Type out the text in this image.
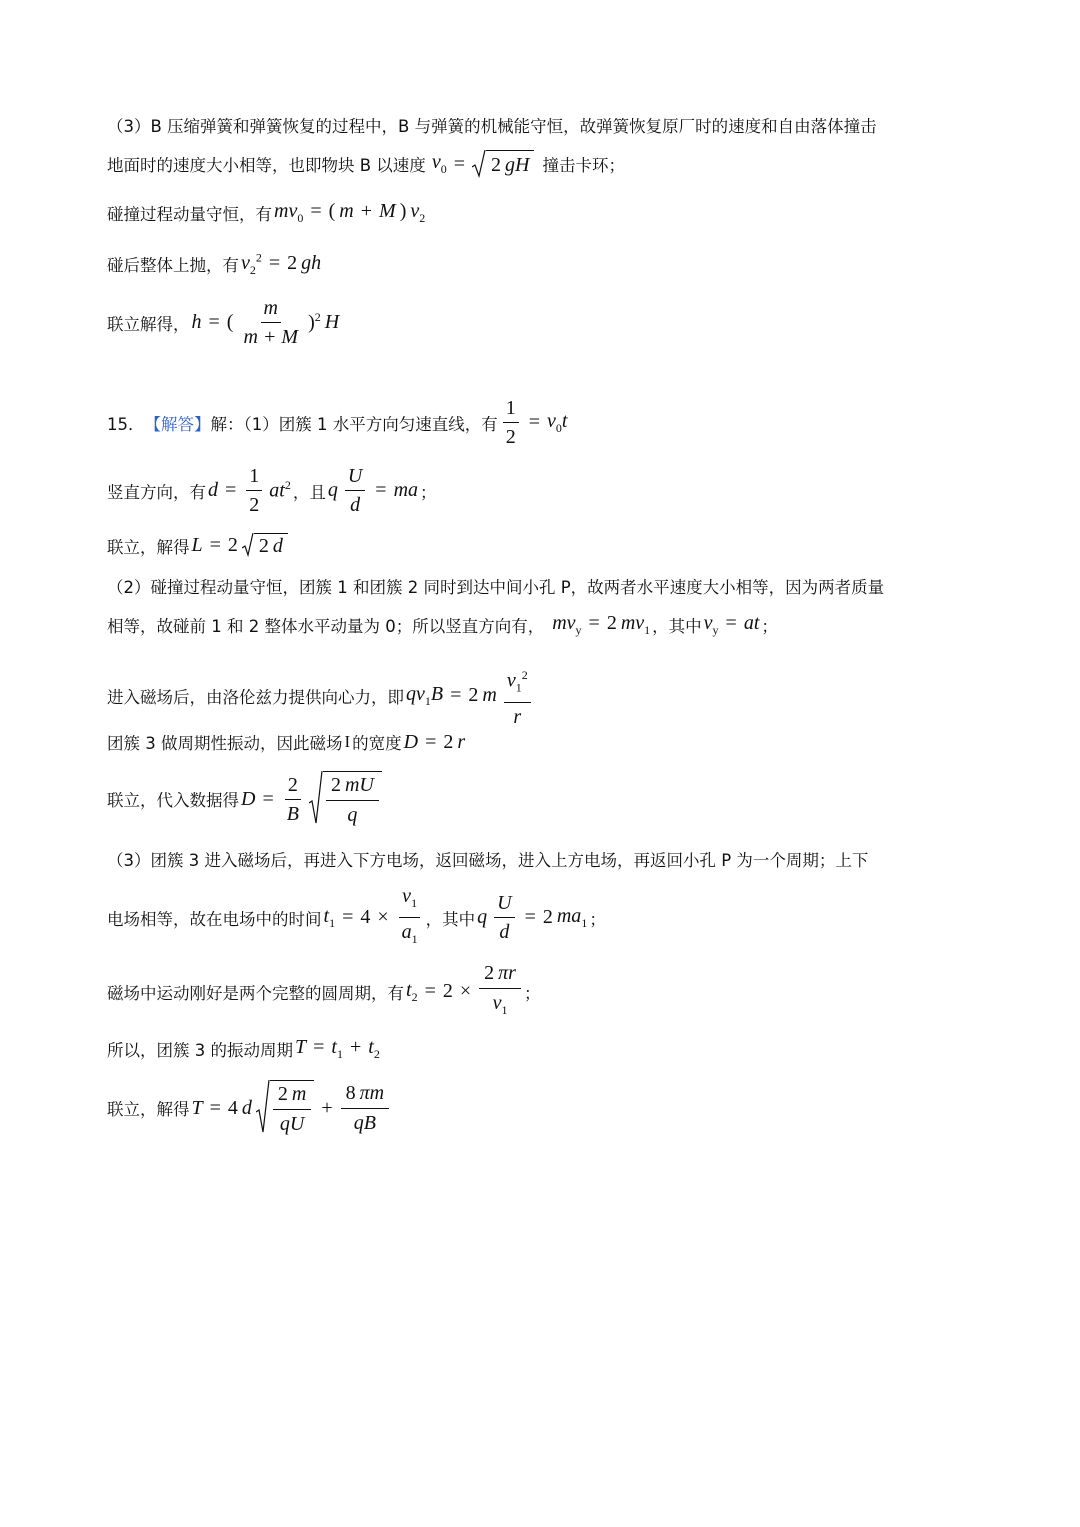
（3）B 压缩弹簧和弹簧恢复的过程中，B 与弹簧的机械能守恒，故弹簧恢复原厂时的速度和自由落体撞击
地面时的速度大小相等，也即物块 B 以速度 $v_0 = 2$ gH 撞击卡环；
碰撞过程动量守恒，有 $mv_0$ = ( m + M ) $v_2$
碰后整体上抛，有 $v_2^2 = 2$ gh
联立解得， h = ( $\frac{m}{m + M} )^2$ H
15． 【解答】 解：（1）团簇 1 水平方向匀速直线，有 $\frac{1}{2} = v_0t$
竖直方向，有 $d = \frac{1}{2} at^2$ ，且 q $\frac{U}{d}$ = ma ；
联立，解得 L = 2 2 d
（2）碰撞过程动量守恒，团簇 1 和团簇 2 同时到达中间小孔 P，故两者水平速度大小相等，因为两者质量
相等，故碰前 1 和 2 整体水平动量为 0；所以竖直方向有， $mv_y = 2$ $mv_1$ ，其中 $v_y$ = at ；
进入磁场后，由洛伦兹力提供向心力，即 $qv_1B = 2$ m $\frac{v_1^2}{r}$
团簇 3 做周期性振动，因此磁场 I 的宽度 D = 2 r
联立，代入数据得 $D = \frac{2}{B} \frac{2 mU}{q}$
（3）团簇 3 进入磁场后，再进入下方电场，返回磁场，进入上方电场，再返回小孔 P 为一个周期；上下
电场相等，故在电场中的时间 $t_1 = 4 \times \frac{v_1}{a_1}$ ，其中 q $\frac{U}{d} = 2$ $ma_1$ ；
磁场中运动刚好是两个完整的圆周期，有 $t_2 = 2 \times \frac{2 \pi r}{v_1}$ ；
所以，团簇 3 的振动周期 $T = t_1 + t_2$
联立，解得 T = 4 d $\frac{2 m}{qU} + \frac{8 \pi m}{qB}$
